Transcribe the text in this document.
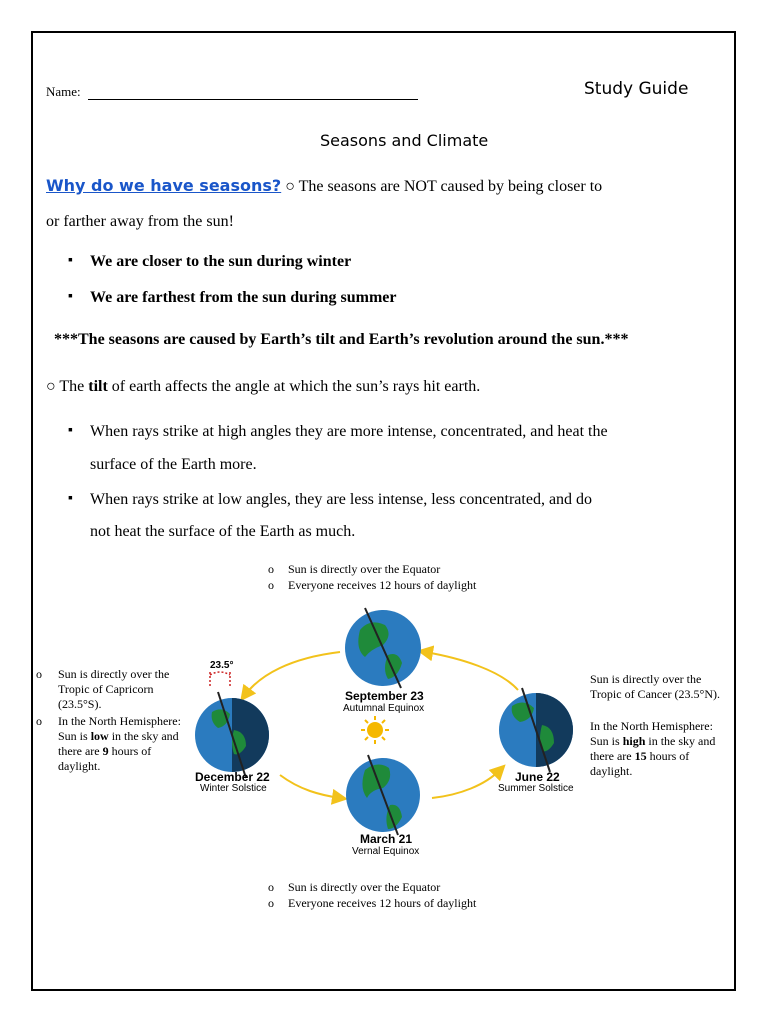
Name:	Study Guide
Seasons and Climate
Why do we have seasons? ○ The seasons are NOT caused by being closer to
or farther away from the sun!
▪ We are closer to the sun during winter
▪ We are farthest from the sun during summer
***The seasons are caused by Earth’s tilt and Earth’s revolution around the sun.***
○ The tilt of earth affects the angle at which the sun’s rays hit earth.
▪ When rays strike at high angles they are more intense, concentrated, and heat the
surface of the Earth more.
▪ When rays strike at low angles, they are less intense, less concentrated, and do
not heat the surface of the Earth as much.
o Sun is directly over the Equator
o Everyone receives 12 hours of daylight
23.5°
September 23
Autumnal Equinox
December 22
Winter Solstice
June 22
Summer Solstice
March 21
Vernal Equinox
o Sun is directly over the Tropic of Capricorn (23.5°S).
o In the North Hemisphere: Sun is low in the sky and there are 9 hours of daylight.
Sun is directly over the Tropic of Cancer (23.5°N).
In the North Hemisphere: Sun is high in the sky and there are 15 hours of daylight.
o Sun is directly over the Equator
o Everyone receives 12 hours of daylight
